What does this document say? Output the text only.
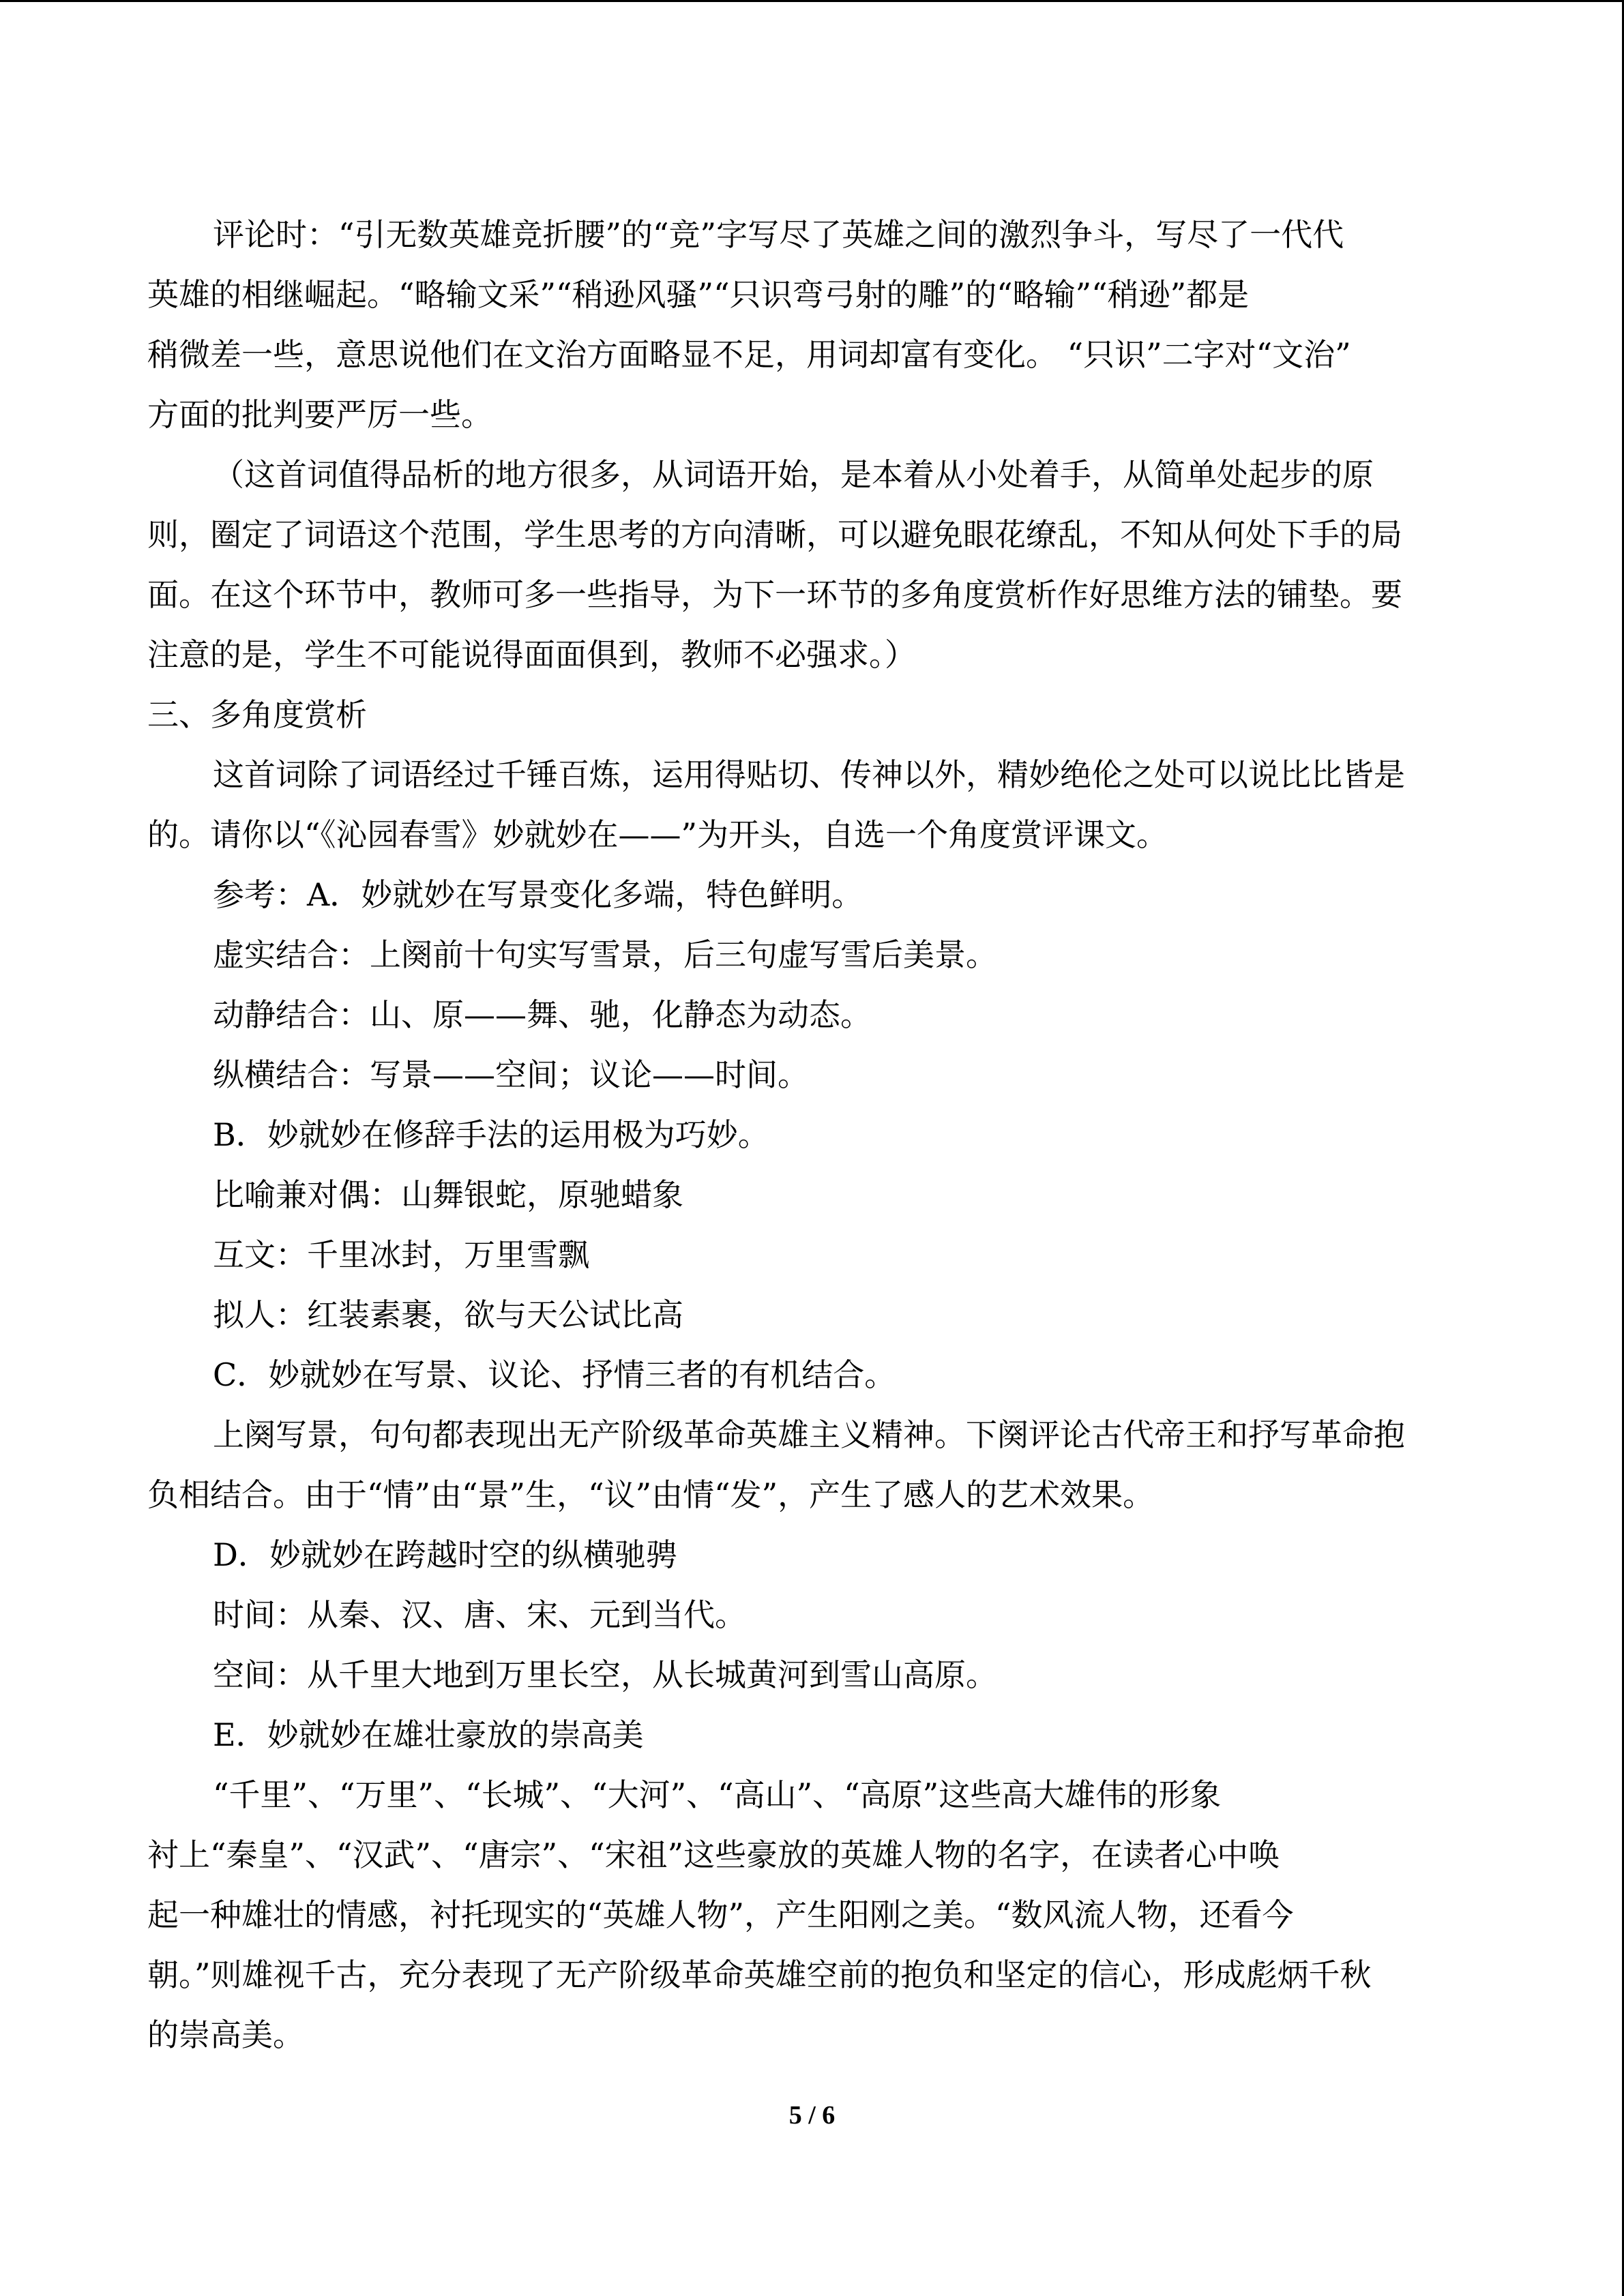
评论时：“引无数英雄竞折腰”的“竞”字写尽了英雄之间的激烈争斗，写尽了一代代
英雄的相继崛起。“略输文采”“稍逊风骚”“只识弯弓射的雕”的“略输”“稍逊”都是
稍微差一些，意思说他们在文治方面略显不足，用词却富有变化。 “只识”二字对“文治”
方面的批判要严厉一些。
（这首词值得品析的地方很多，从词语开始，是本着从小处着手，从简单处起步的原
则，圈定了词语这个范围，学生思考的方向清晰，可以避免眼花缭乱，不知从何处下手的局
面。在这个环节中，教师可多一些指导，为下一环节的多角度赏析作好思维方法的铺垫。要
注意的是，学生不可能说得面面俱到，教师不必强求。）
三、多角度赏析
这首词除了词语经过千锤百炼，运用得贴切、传神以外，精妙绝伦之处可以说比比皆是
的。请你以“《沁园春雪》妙就妙在——”为开头，自选一个角度赏评课文。
参考：A．妙就妙在写景变化多端，特色鲜明。
虚实结合：上阕前十句实写雪景，后三句虚写雪后美景。
动静结合：山、原——舞、驰，化静态为动态。
纵横结合：写景——空间；议论——时间。
B．妙就妙在修辞手法的运用极为巧妙。
比喻兼对偶：山舞银蛇，原驰蜡象
互文：千里冰封，万里雪飘
拟人：红装素裹，欲与天公试比高
C．妙就妙在写景、议论、抒情三者的有机结合。
上阕写景，句句都表现出无产阶级革命英雄主义精神。下阕评论古代帝王和抒写革命抱
负相结合。由于“情”由“景”生，“议”由情“发”，产生了感人的艺术效果。
D．妙就妙在跨越时空的纵横驰骋
时间：从秦、汉、唐、宋、元到当代。
空间：从千里大地到万里长空，从长城黄河到雪山高原。
E．妙就妙在雄壮豪放的崇高美
“千里”、“万里”、“长城”、“大河”、“高山”、“高原”这些高大雄伟的形象
衬上“秦皇”、“汉武”、“唐宗”、“宋祖”这些豪放的英雄人物的名字，在读者心中唤
起一种雄壮的情感，衬托现实的“英雄人物”，产生阳刚之美。“数风流人物，还看今
朝。”则雄视千古，充分表现了无产阶级革命英雄空前的抱负和坚定的信心，形成彪炳千秋
的崇高美。
5 / 6
